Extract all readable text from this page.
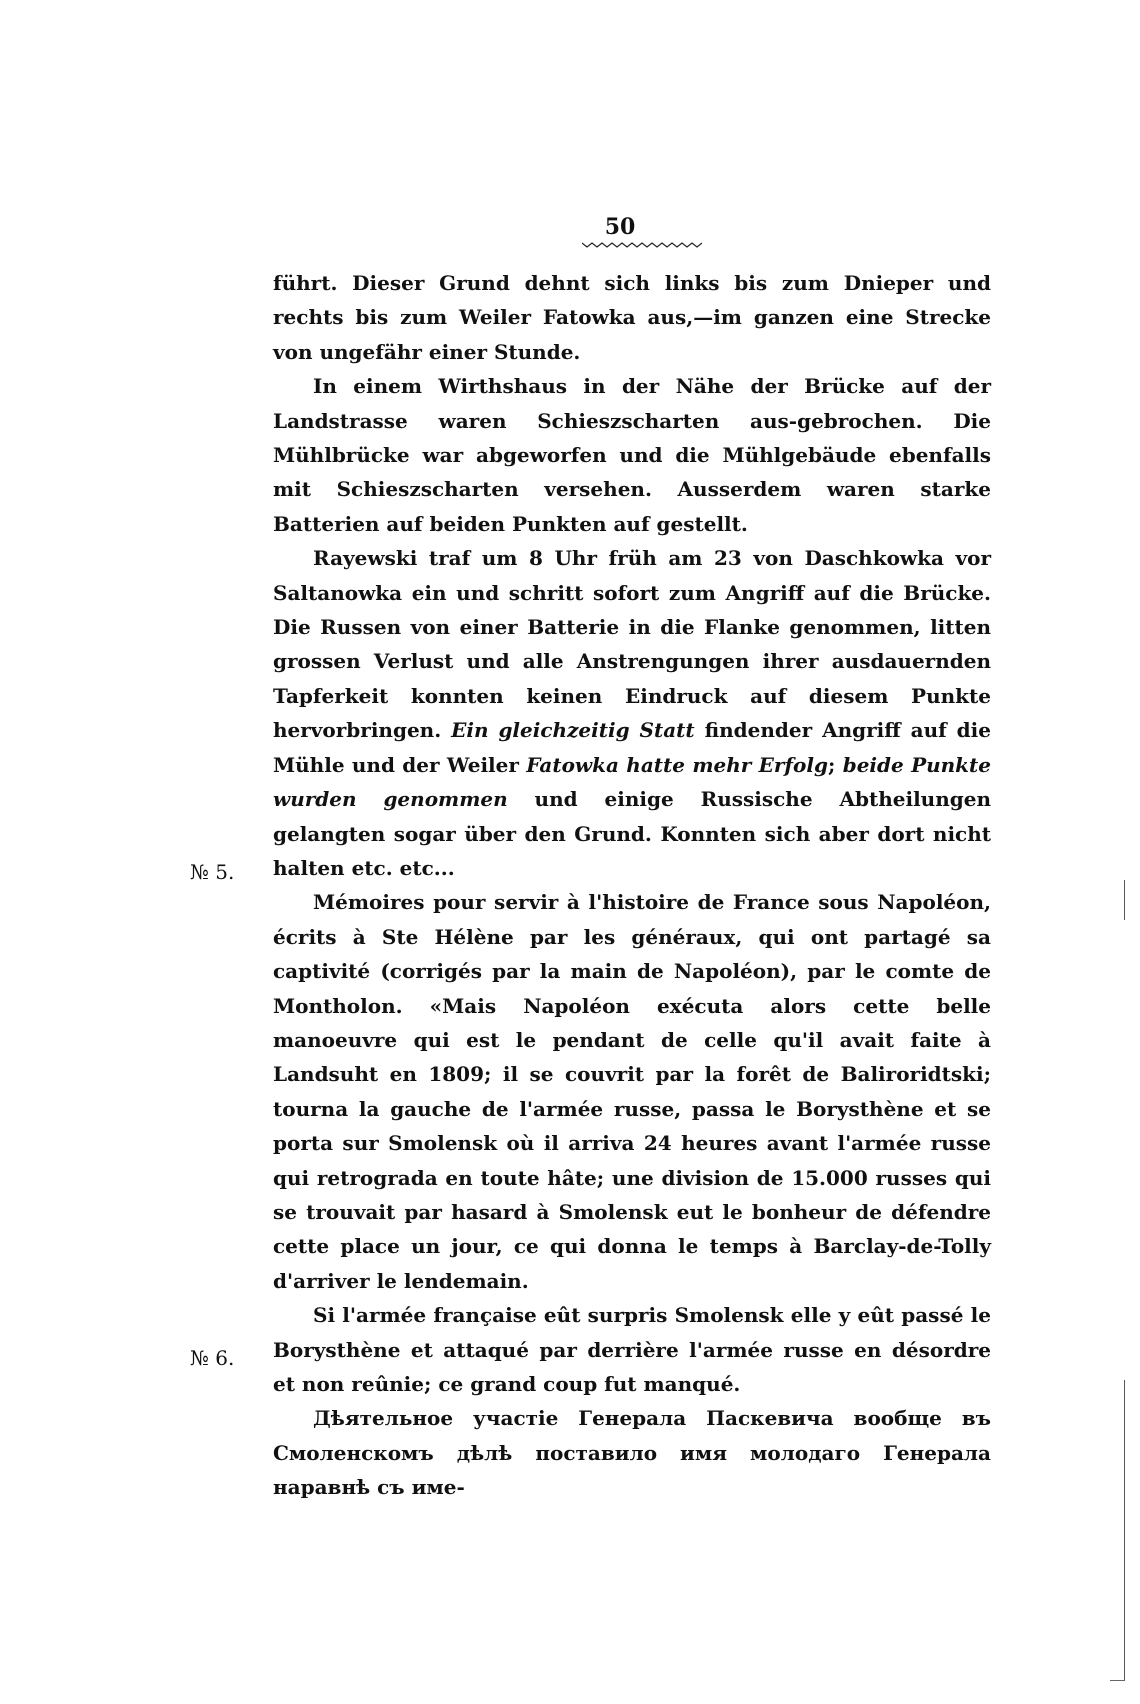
50
№ 5.
№ 6.

führt. Dieser Grund dehnt sich links bis zum Dnieper und rechts bis zum Weiler Fatowka aus,—im ganzen eine Strecke von ungefähr einer Stunde.

In einem Wirthshaus in der Nähe der Brücke auf der Landstrasse waren Schieszscharten aus-gebrochen. Die Mühlbrücke war abgeworfen und die Mühlgebäude ebenfalls mit Schieszscharten versehen. Ausserdem waren starke Batterien auf beiden Punkten auf gestellt.

Rayewski traf um 8 Uhr früh am 23 von Daschkowka vor Saltanowka ein und schritt sofort zum Angriff auf die Brücke. Die Russen von einer Batterie in die Flanke genommen, litten grossen Verlust und alle Anstrengungen ihrer ausdauernden Tapferkeit konnten keinen Eindruck auf diesem Punkte hervorbringen. Ein gleichzeitig Statt findender Angriff auf die Mühle und der Weiler Fatowka hatte mehr Erfolg; beide Punkte wurden genommen und einige Russische Abtheilungen gelangten sogar über den Grund. Konnten sich aber dort nicht halten etc. etc...

Mémoires pour servir à l'histoire de France sous Napoléon, écrits à Ste Hélène par les généraux, qui ont partagé sa captivité (corrigés par la main de Napoléon), par le comte de Montholon. «Mais Napoléon exécuta alors cette belle manoeuvre qui est le pendant de celle qu'il avait faite à Landsuht en 1809; il se couvrit par la forêt de Baliroridtski; tourna la gauche de l'armée russe, passa le Borysthène et se porta sur Smolensk où il arriva 24 heures avant l'armée russe qui retrograda en toute hâte; une division de 15.000 russes qui se trouvait par hasard à Smolensk eut le bonheur de défendre cette place un jour, ce qui donna le temps à Barclay-de-Tolly d'arriver le lendemain.

Si l'armée française eût surpris Smolensk elle y eût passé le Borysthène et attaqué par derrière l'armée russe en désordre et non reûnie; ce grand coup fut manqué.

Дѣятельное участіе Генерала Паскевича вообще въ Смоленскомъ дѣлѣ поставило имя молодаго Генерала наравнѣ съ име-
